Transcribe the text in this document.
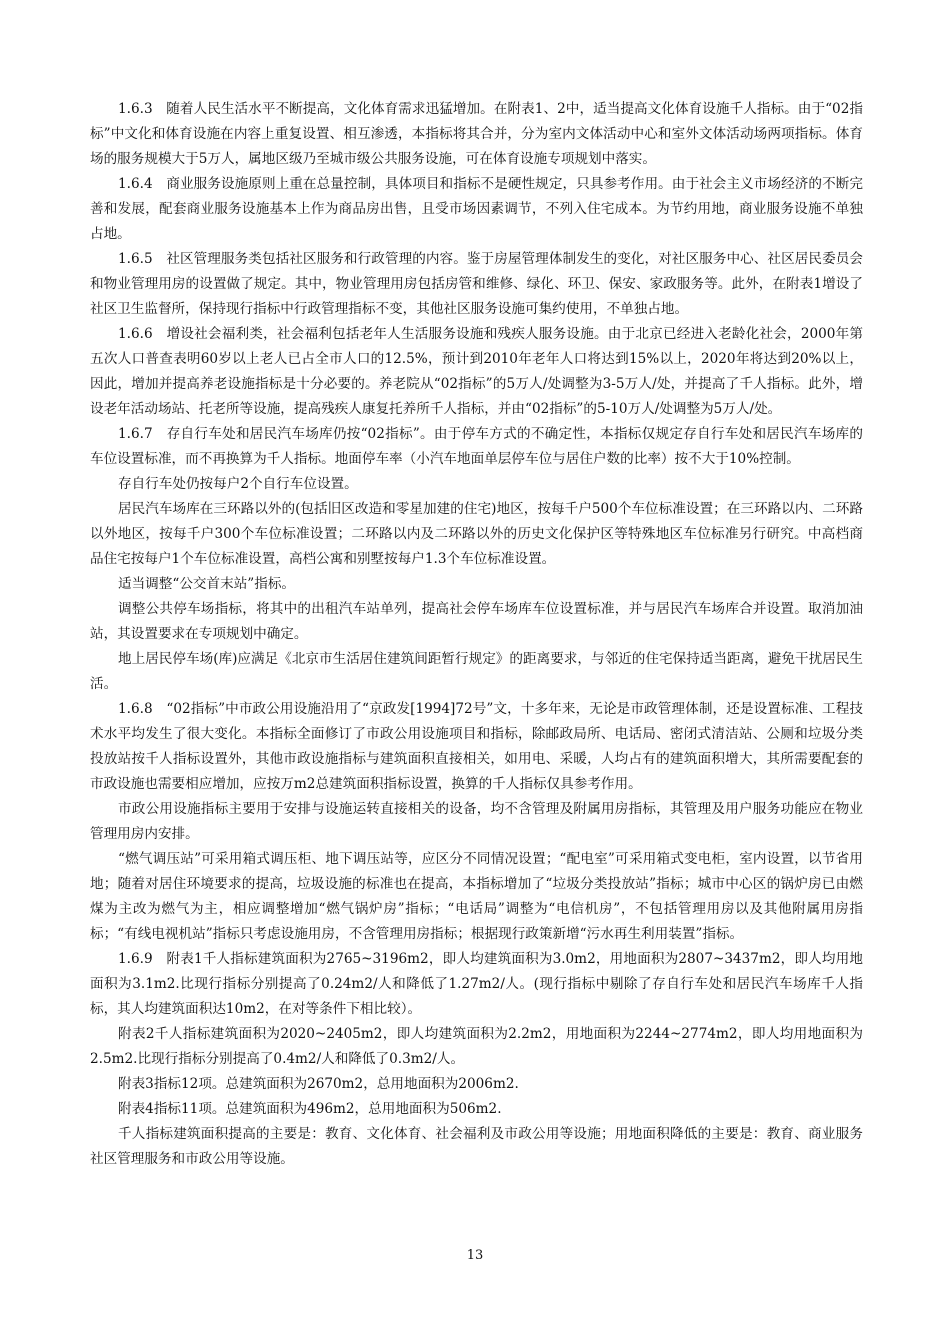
1.6.3　随着人民生活水平不断提高，文化体育需求迅猛增加。在附表1、2中，适当提高文化体育设施千人指标。由于“02指标”中文化和体育设施在内容上重复设置、相互渗透，本指标将其合并，分为室内文体活动中心和室外文体活动场两项指标。体育场的服务规模大于5万人，属地区级乃至城市级公共服务设施，可在体育设施专项规划中落实。

1.6.4　商业服务设施原则上重在总量控制，具体项目和指标不是硬性规定，只具参考作用。由于社会主义市场经济的不断完善和发展，配套商业服务设施基本上作为商品房出售，且受市场因素调节，不列入住宅成本。为节约用地，商业服务设施不单独占地。

1.6.5　社区管理服务类包括社区服务和行政管理的内容。鉴于房屋管理体制发生的变化，对社区服务中心、社区居民委员会和物业管理用房的设置做了规定。其中，物业管理用房包括房管和维修、绿化、环卫、保安、家政服务等。此外，在附表1增设了社区卫生监督所，保持现行指标中行政管理指标不变，其他社区服务设施可集约使用，不单独占地。

1.6.6　增设社会福利类，社会福利包括老年人生活服务设施和残疾人服务设施。由于北京已经进入老龄化社会，2000年第五次人口普查表明60岁以上老人已占全市人口的12.5%，预计到2010年老年人口将达到15%以上，2020年将达到20%以上，因此，增加并提高养老设施指标是十分必要的。养老院从“02指标”的5万人/处调整为3-5万人/处，并提高了千人指标。此外，增设老年活动场站、托老所等设施，提高残疾人康复托养所千人指标，并由“02指标”的5-10万人/处调整为5万人/处。

1.6.7　存自行车处和居民汽车场库仍按“02指标”。由于停车方式的不确定性，本指标仅规定存自行车处和居民汽车场库的车位设置标准，而不再换算为千人指标。地面停车率（小汽车地面单层停车位与居住户数的比率）按不大于10%控制。

存自行车处仍按每户2个自行车位设置。

居民汽车场库在三环路以外的(包括旧区改造和零星加建的住宅)地区，按每千户500个车位标准设置；在三环路以内、二环路以外地区，按每千户300个车位标准设置；二环路以内及二环路以外的历史文化保护区等特殊地区车位标准另行研究。中高档商品住宅按每户1个车位标准设置，高档公寓和别墅按每户1.3个车位标准设置。

适当调整“公交首末站”指标。

调整公共停车场指标，将其中的出租汽车站单列，提高社会停车场库车位设置标准，并与居民汽车场库合并设置。取消加油站，其设置要求在专项规划中确定。

地上居民停车场(库)应满足《北京市生活居住建筑间距暂行规定》的距离要求，与邻近的住宅保持适当距离，避免干扰居民生活。

1.6.8　“02指标”中市政公用设施沿用了“京政发[1994]72号”文，十多年来，无论是市政管理体制，还是设置标准、工程技术水平均发生了很大变化。本指标全面修订了市政公用设施项目和指标，除邮政局所、电话局、密闭式清洁站、公厕和垃圾分类投放站按千人指标设置外，其他市政设施指标与建筑面积直接相关，如用电、采暖，人均占有的建筑面积增大，其所需要配套的市政设施也需要相应增加，应按万m2总建筑面积指标设置，换算的千人指标仅具参考作用。

市政公用设施指标主要用于安排与设施运转直接相关的设备，均不含管理及附属用房指标，其管理及用户服务功能应在物业管理用房内安排。

“燃气调压站”可采用箱式调压柜、地下调压站等，应区分不同情况设置；“配电室”可采用箱式变电柜，室内设置，以节省用地；随着对居住环境要求的提高，垃圾设施的标准也在提高，本指标增加了“垃圾分类投放站”指标；城市中心区的锅炉房已由燃煤为主改为燃气为主，相应调整增加“燃气锅炉房”指标；“电话局”调整为“电信机房”，不包括管理用房以及其他附属用房指标；“有线电视机站”指标只考虑设施用房，不含管理用房指标；根据现行政策新增“污水再生利用装置”指标。

1.6.9　附表1千人指标建筑面积为2765~3196m2，即人均建筑面积为3.0m2，用地面积为2807~3437m2，即人均用地面积为3.1m2.比现行指标分别提高了0.24m2/人和降低了1.27m2/人。(现行指标中剔除了存自行车处和居民汽车场库千人指标，其人均建筑面积达10m2，在对等条件下相比较）。

附表2千人指标建筑面积为2020~2405m2，即人均建筑面积为2.2m2，用地面积为2244~2774m2，即人均用地面积为2.5m2.比现行指标分别提高了0.4m2/人和降低了0.3m2/人。

附表3指标12项。总建筑面积为2670m2，总用地面积为2006m2.

附表4指标11项。总建筑面积为496m2，总用地面积为506m2.

千人指标建筑面积提高的主要是：教育、文化体育、社会福利及市政公用等设施；用地面积降低的主要是：教育、商业服务社区管理服务和市政公用等设施。

13
